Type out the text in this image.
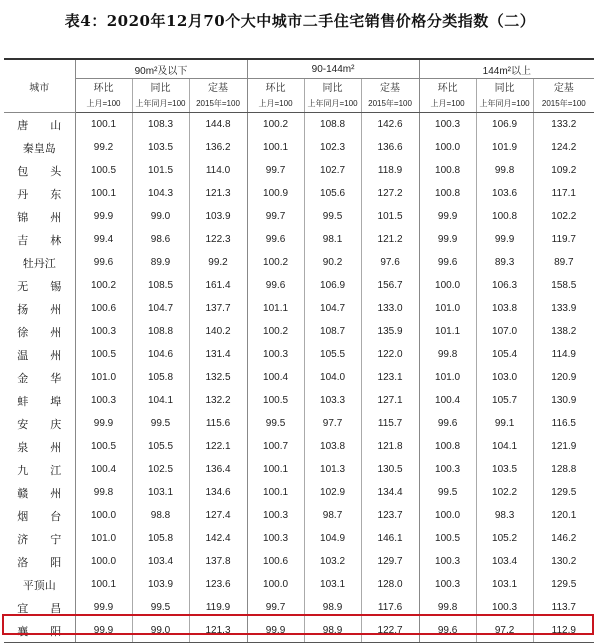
表4：2020年12月70个大中城市二手住宅销售价格分类指数（二）
城市	90m²及以下			90-144m²			144m²以上		
	环比	同比	定基	环比	同比	定基	环比	同比	定基
	上月=100	上年同月=100	2015年=100	上月=100	上年同月=100	2015年=100	上月=100	上年同月=100	2015年=100

唐 山	100.1	108.3	144.8	100.2	108.8	142.6	100.3	106.9	133.2

秦皇岛	99.2	103.5	136.2	100.1	102.3	136.6	100.0	101.9	124.2

包 头	100.5	101.5	114.0	99.7	102.7	118.9	100.8	99.8	109.2

丹 东	100.1	104.3	121.3	100.9	105.6	127.2	100.8	103.6	117.1

锦 州	99.9	99.0	103.9	99.7	99.5	101.5	99.9	100.8	102.2

吉 林	99.4	98.6	122.3	99.6	98.1	121.2	99.9	99.9	119.7

牡丹江	99.6	89.9	99.2	100.2	90.2	97.6	99.6	89.3	89.7

无 锡	100.2	108.5	161.4	99.6	106.9	156.7	100.0	106.3	158.5

扬 州	100.6	104.7	137.7	101.1	104.7	133.0	101.0	103.8	133.9

徐 州	100.3	108.8	140.2	100.2	108.7	135.9	101.1	107.0	138.2

温 州	100.5	104.6	131.4	100.3	105.5	122.0	99.8	105.4	114.9

金 华	101.0	105.8	132.5	100.4	104.0	123.1	101.0	103.0	120.9

蚌 埠	100.3	104.1	132.2	100.5	103.3	127.1	100.4	105.7	130.9

安 庆	99.9	99.5	115.6	99.5	97.7	115.7	99.6	99.1	116.5

泉 州	100.5	105.5	122.1	100.7	103.8	121.8	100.8	104.1	121.9

九 江	100.4	102.5	136.4	100.1	101.3	130.5	100.3	103.5	128.8

赣 州	99.8	103.1	134.6	100.1	102.9	134.4	99.5	102.2	129.5

烟 台	100.0	98.8	127.4	100.3	98.7	123.7	100.0	98.3	120.1

济 宁	101.0	105.8	142.4	100.3	104.9	146.1	100.5	105.2	146.2

洛 阳	100.0	103.4	137.8	100.6	103.2	129.7	100.3	103.4	130.2

平顶山	100.1	103.9	123.6	100.0	103.1	128.0	100.3	103.1	129.5

宜 昌	99.9	99.5	119.9	99.7	98.9	117.6	99.8	100.3	113.7

襄 阳	99.9	99.0	121.3	99.9	98.9	122.7	99.6	97.2	112.9
